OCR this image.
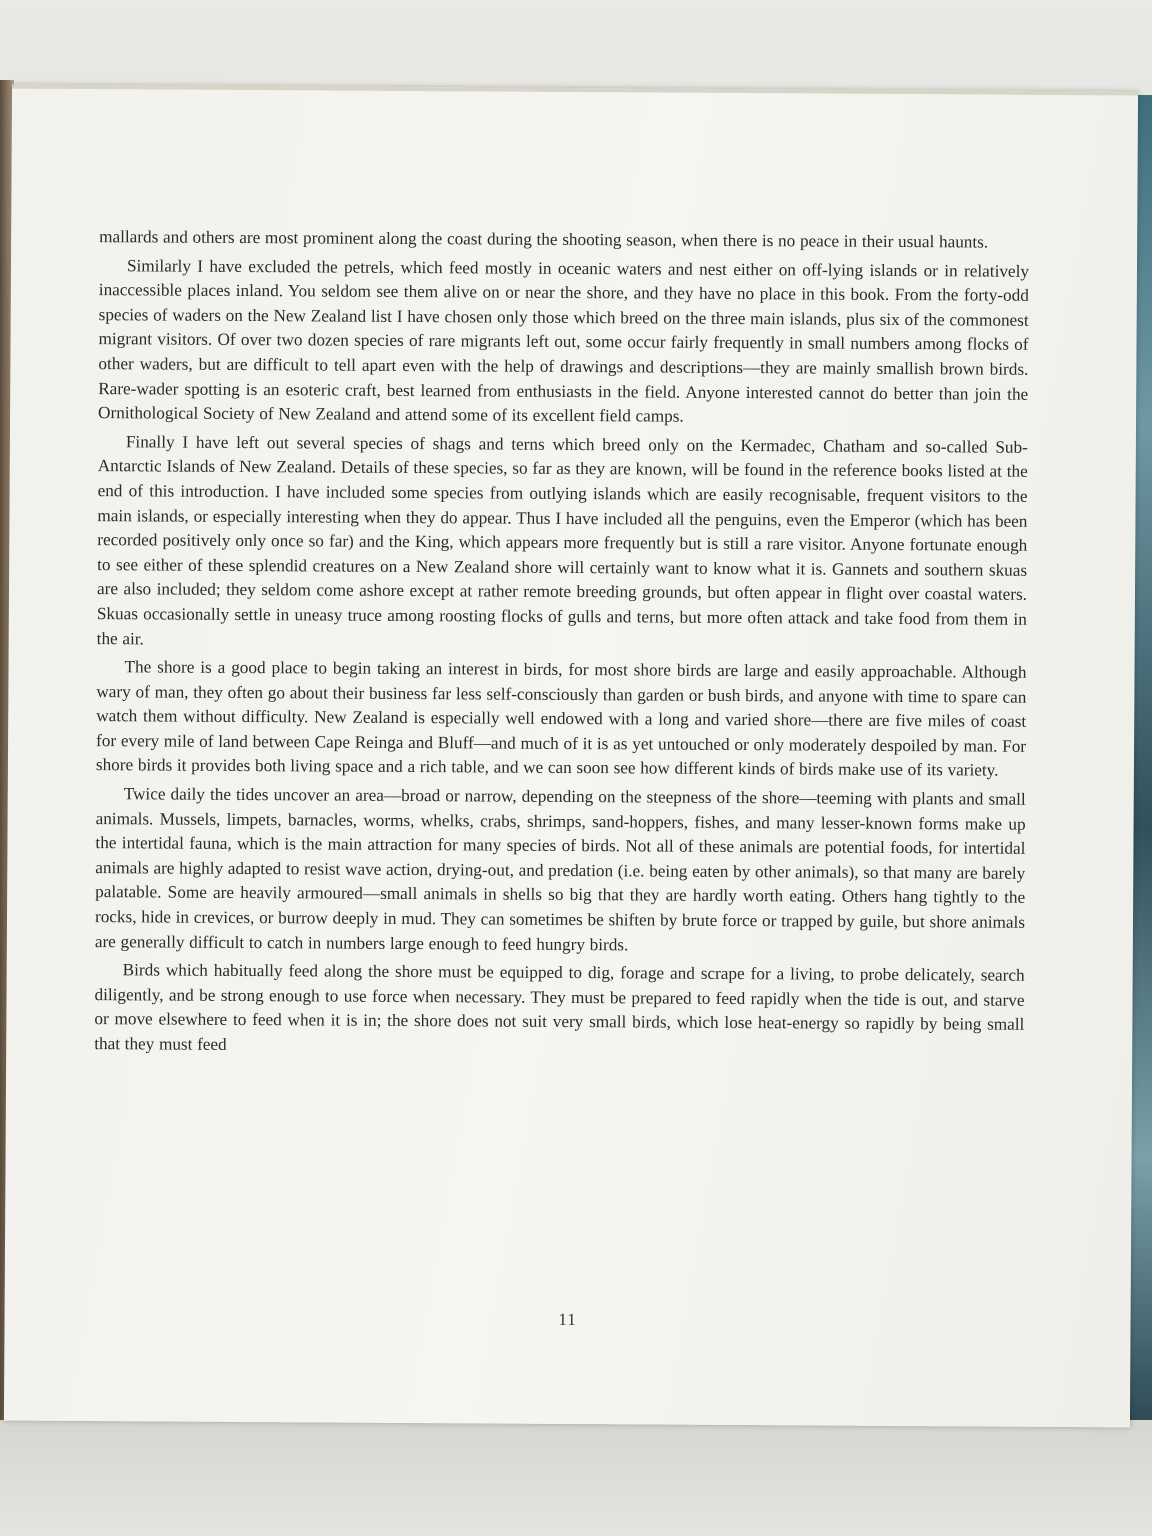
mallards and others are most prominent along the coast during the shooting season, when there is no peace in their usual haunts.

Similarly I have excluded the petrels, which feed mostly in oceanic waters and nest either on off-lying islands or in relatively inaccessible places inland. You seldom see them alive on or near the shore, and they have no place in this book. From the forty-odd species of waders on the New Zealand list I have chosen only those which breed on the three main islands, plus six of the commonest migrant visitors. Of over two dozen species of rare migrants left out, some occur fairly frequently in small numbers among flocks of other waders, but are difficult to tell apart even with the help of drawings and descriptions—they are mainly smallish brown birds. Rare-wader spotting is an esoteric craft, best learned from enthusiasts in the field. Anyone interested cannot do better than join the Ornithological Society of New Zealand and attend some of its excellent field camps.

Finally I have left out several species of shags and terns which breed only on the Kermadec, Chatham and so-called Sub-Antarctic Islands of New Zealand. Details of these species, so far as they are known, will be found in the reference books listed at the end of this introduction. I have included some species from outlying islands which are easily recognisable, frequent visitors to the main islands, or especially interesting when they do appear. Thus I have included all the penguins, even the Emperor (which has been recorded positively only once so far) and the King, which appears more frequently but is still a rare visitor. Anyone fortunate enough to see either of these splendid creatures on a New Zealand shore will certainly want to know what it is. Gannets and southern skuas are also included; they seldom come ashore except at rather remote breeding grounds, but often appear in flight over coastal waters. Skuas occasionally settle in uneasy truce among roosting flocks of gulls and terns, but more often attack and take food from them in the air.

The shore is a good place to begin taking an interest in birds, for most shore birds are large and easily approachable. Although wary of man, they often go about their business far less self-consciously than garden or bush birds, and anyone with time to spare can watch them without difficulty. New Zealand is especially well endowed with a long and varied shore—there are five miles of coast for every mile of land between Cape Reinga and Bluff—and much of it is as yet untouched or only moderately despoiled by man. For shore birds it provides both living space and a rich table, and we can soon see how different kinds of birds make use of its variety.

Twice daily the tides uncover an area—broad or narrow, depending on the steepness of the shore—teeming with plants and small animals. Mussels, limpets, barnacles, worms, whelks, crabs, shrimps, sand-hoppers, fishes, and many lesser-known forms make up the intertidal fauna, which is the main attraction for many species of birds. Not all of these animals are potential foods, for intertidal animals are highly adapted to resist wave action, drying-out, and predation (i.e. being eaten by other animals), so that many are barely palatable. Some are heavily armoured—small animals in shells so big that they are hardly worth eating. Others hang tightly to the rocks, hide in crevices, or burrow deeply in mud. They can sometimes be shiften by brute force or trapped by guile, but shore animals are generally difficult to catch in numbers large enough to feed hungry birds.

Birds which habitually feed along the shore must be equipped to dig, forage and scrape for a living, to probe delicately, search diligently, and be strong enough to use force when necessary. They must be prepared to feed rapidly when the tide is out, and starve or move elsewhere to feed when it is in; the shore does not suit very small birds, which lose heat-energy so rapidly by being small that they must feed

11
